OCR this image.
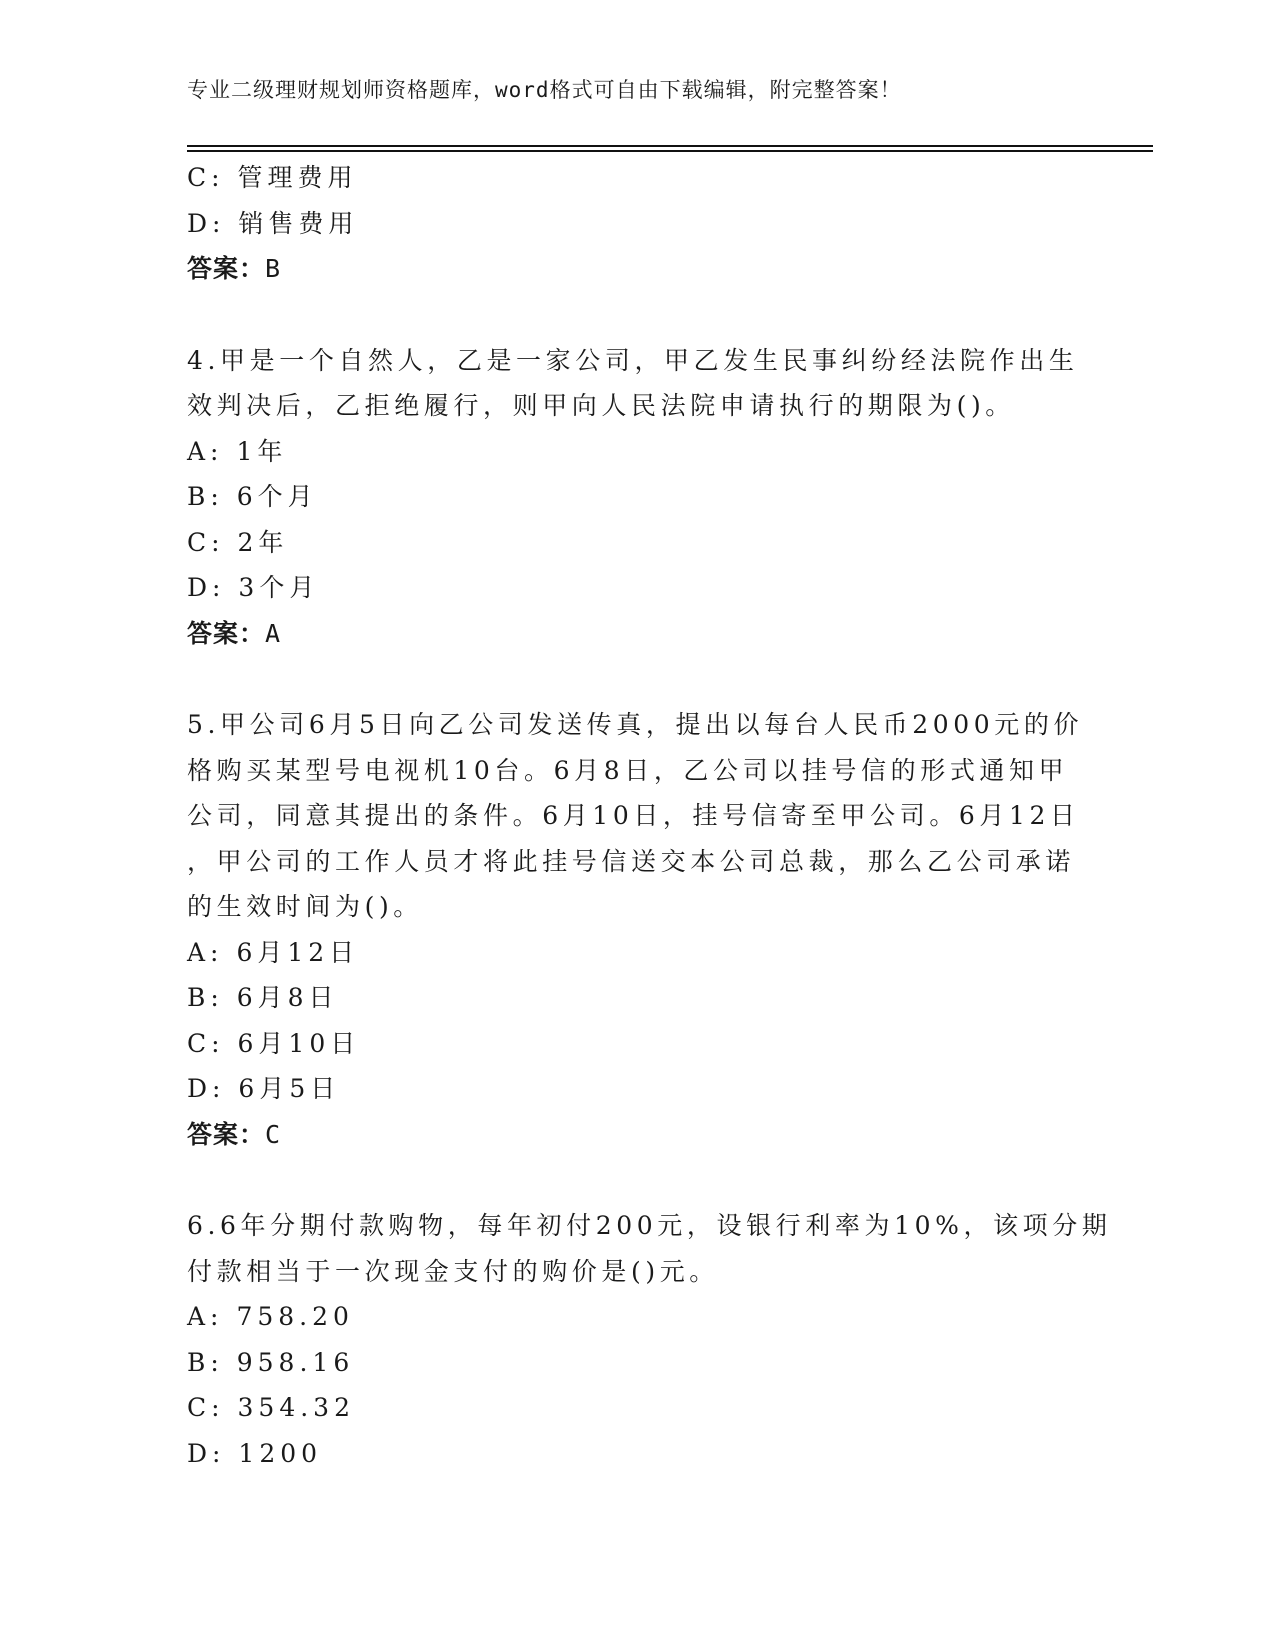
专业二级理财规划师资格题库，word格式可自由下载编辑，附完整答案！
C: 管理费用
D: 销售费用
答案：B
4.甲是一个自然人，乙是一家公司，甲乙发生民事纠纷经法院作出生
效判决后，乙拒绝履行，则甲向人民法院申请执行的期限为()。
A: 1年
B: 6个月
C: 2年
D: 3个月
答案：A
5.甲公司6月5日向乙公司发送传真，提出以每台人民币2000元的价
格购买某型号电视机10台。6月8日，乙公司以挂号信的形式通知甲
公司，同意其提出的条件。6月10日，挂号信寄至甲公司。6月12日
，甲公司的工作人员才将此挂号信送交本公司总裁，那么乙公司承诺
的生效时间为()。
A: 6月12日
B: 6月8日
C: 6月10日
D: 6月5日
答案：C
6.6年分期付款购物，每年初付200元，设银行利率为10%，该项分期
付款相当于一次现金支付的购价是()元。
A: 758.20
B: 958.16
C: 354.32
D: 1200
